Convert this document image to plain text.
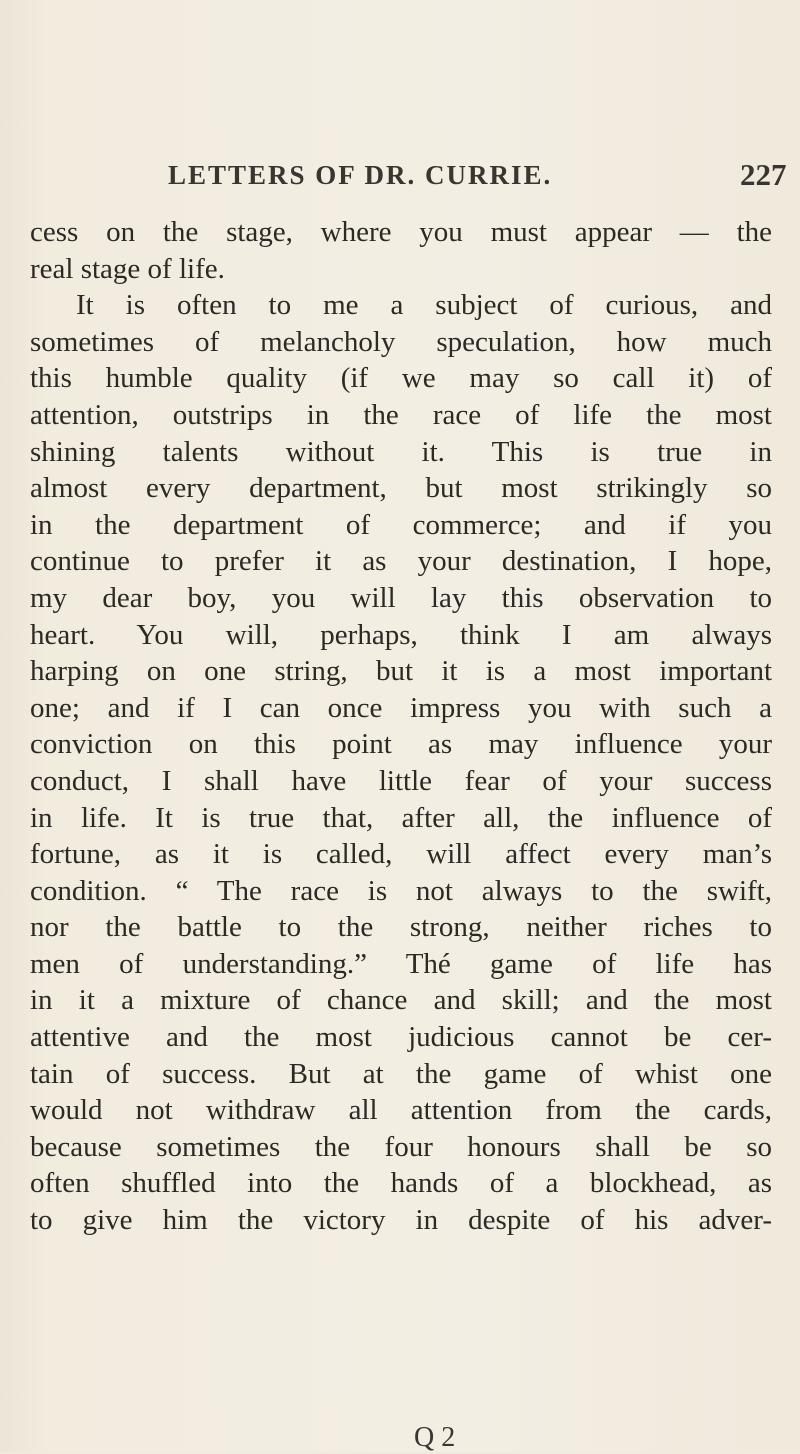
LETTERS OF DR. CURRIE.	227
cess on the stage, where you must appear — the
real stage of life.
It is often to me a subject of curious, and
sometimes of melancholy speculation, how much
this humble quality (if we may so call it) of
attention, outstrips in the race of life the most
shining talents without it. This is true in
almost every department, but most strikingly so
in the department of commerce; and if you
continue to prefer it as your destination, I hope,
my dear boy, you will lay this observation to
heart. You will, perhaps, think I am always
harping on one string, but it is a most important
one; and if I can once impress you with such a
conviction on this point as may influence your
conduct, I shall have little fear of your success
in life. It is true that, after all, the influence of
fortune, as it is called, will affect every man’s
condition. “ The race is not always to the swift,
nor the battle to the strong, neither riches to
men of understanding.” Thé game of life has
in it a mixture of chance and skill; and the most
attentive and the most judicious cannot be cer-
tain of success. But at the game of whist one
would not withdraw all attention from the cards,
because sometimes the four honours shall be so
often shuffled into the hands of a blockhead, as
to give him the victory in despite of his adver-
Q 2
